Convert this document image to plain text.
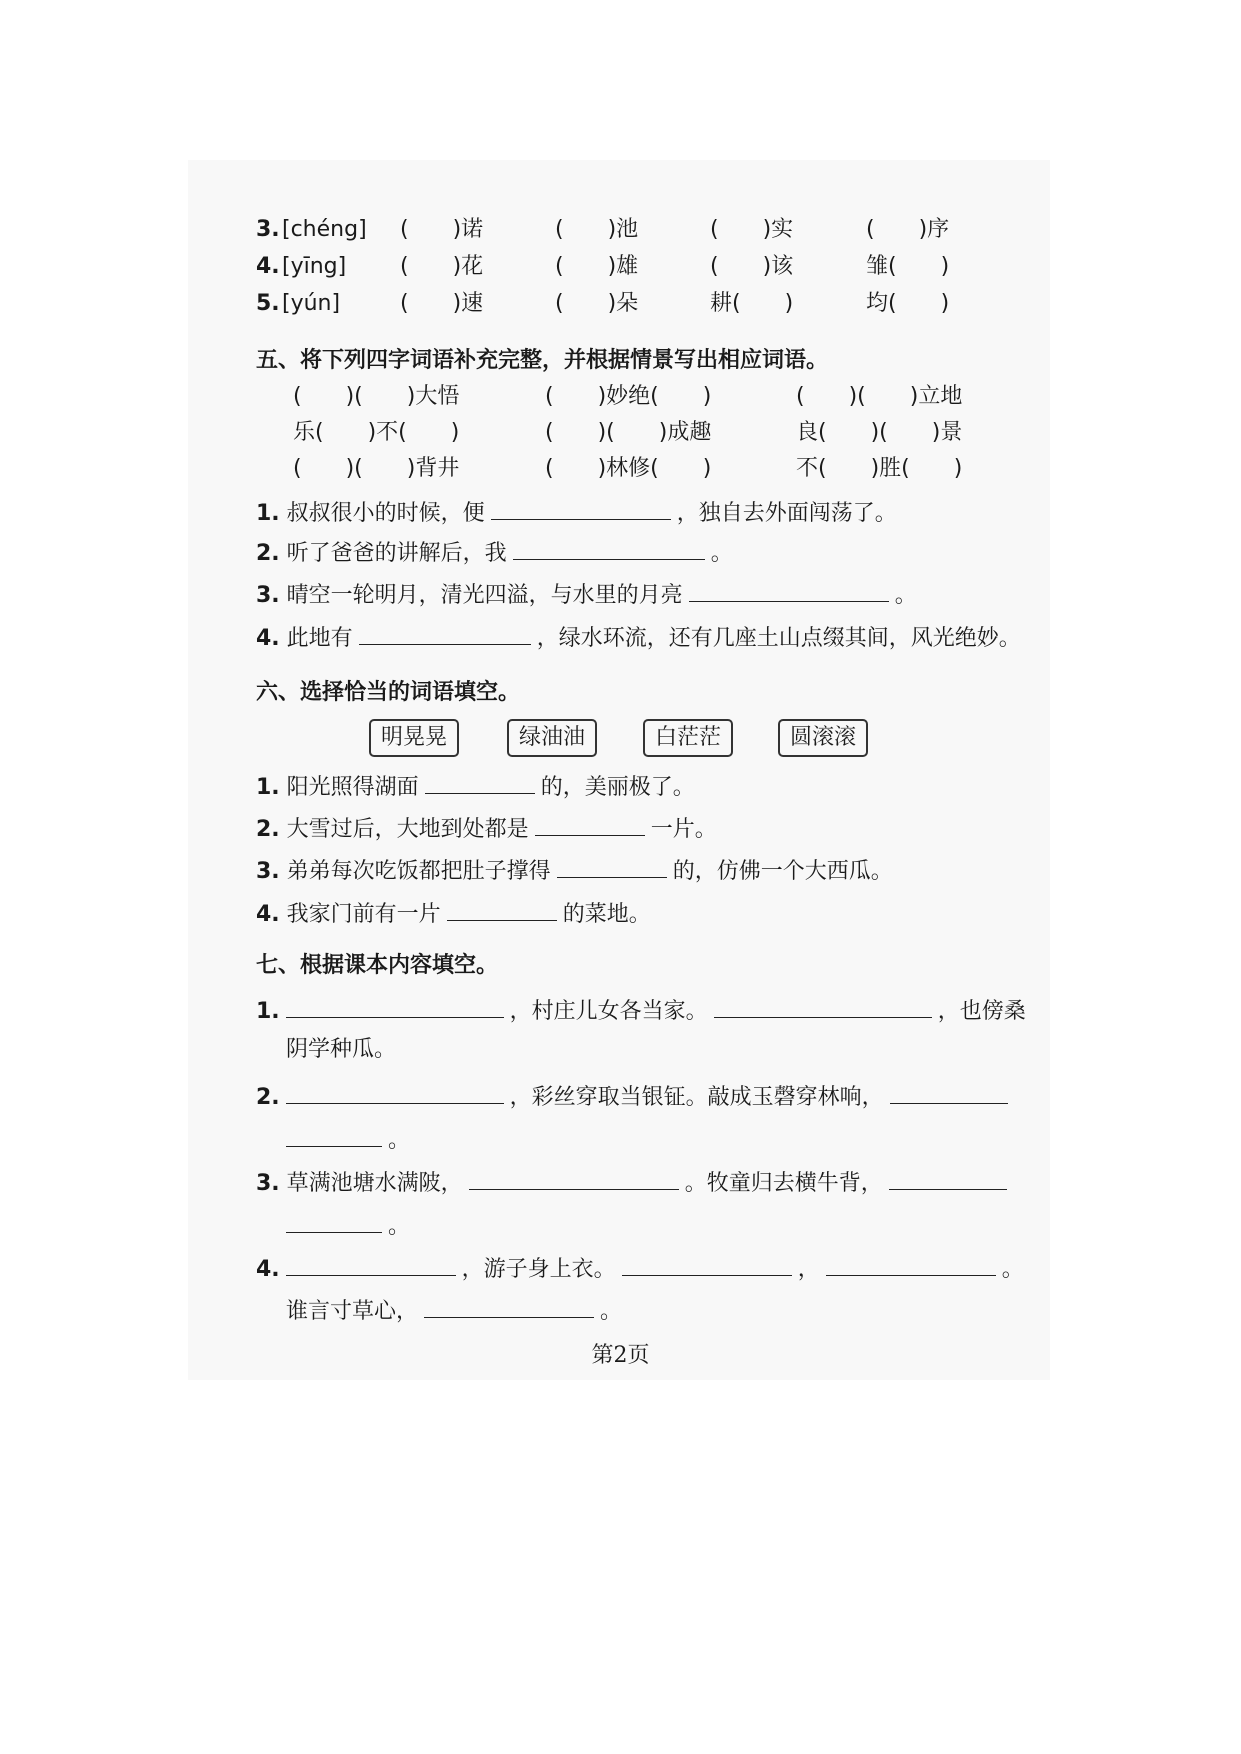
3. [chéng] (　　)诺	(　　)池	(　　)实	(　　)序
4. [yīng] (　　)花	(　　)雄	(　　)该	雏(　　)
5. [yún]	(　　)速	(　　)朵	耕(　　)	均(　　)
五、将下列四字词语补充完整，并根据情景写出相应词语。
(　　)(　　)大悟	(　　)妙绝(　　)	(　　)(　　)立地
乐(　　)不(　　)	(　　)(　　)成趣	良(　　)(　　)景
(　　)(　　)背井	(　　)林修(　　)	不(　　)胜(　　)
1. 叔叔很小的时候，便	，独自去外面闯荡了。
2. 听了爸爸的讲解后，我	。
3. 晴空一轮明月，清光四溢，与水里的月亮	。
4. 此地有	，绿水环流，还有几座土山点缀其间，风光绝妙。
六、选择恰当的词语填空。
明晃晃	绿油油	白茫茫	圆滚滚
1. 阳光照得湖面	的，美丽极了。
2. 大雪过后，大地到处都是	一片。
3. 弟弟每次吃饭都把肚子撑得	的，仿佛一个大西瓜。
4. 我家门前有一片	的菜地。
七、根据课本内容填空。
1.	，村庄儿女各当家。	，也傍桑
阴学种瓜。
2.	，彩丝穿取当银钲。敲成玉磬穿林响，
。
3. 草满池塘水满陂，	。牧童归去横牛背，
。
4.	，游子身上衣。	，	。
谁言寸草心，	。
第2页
